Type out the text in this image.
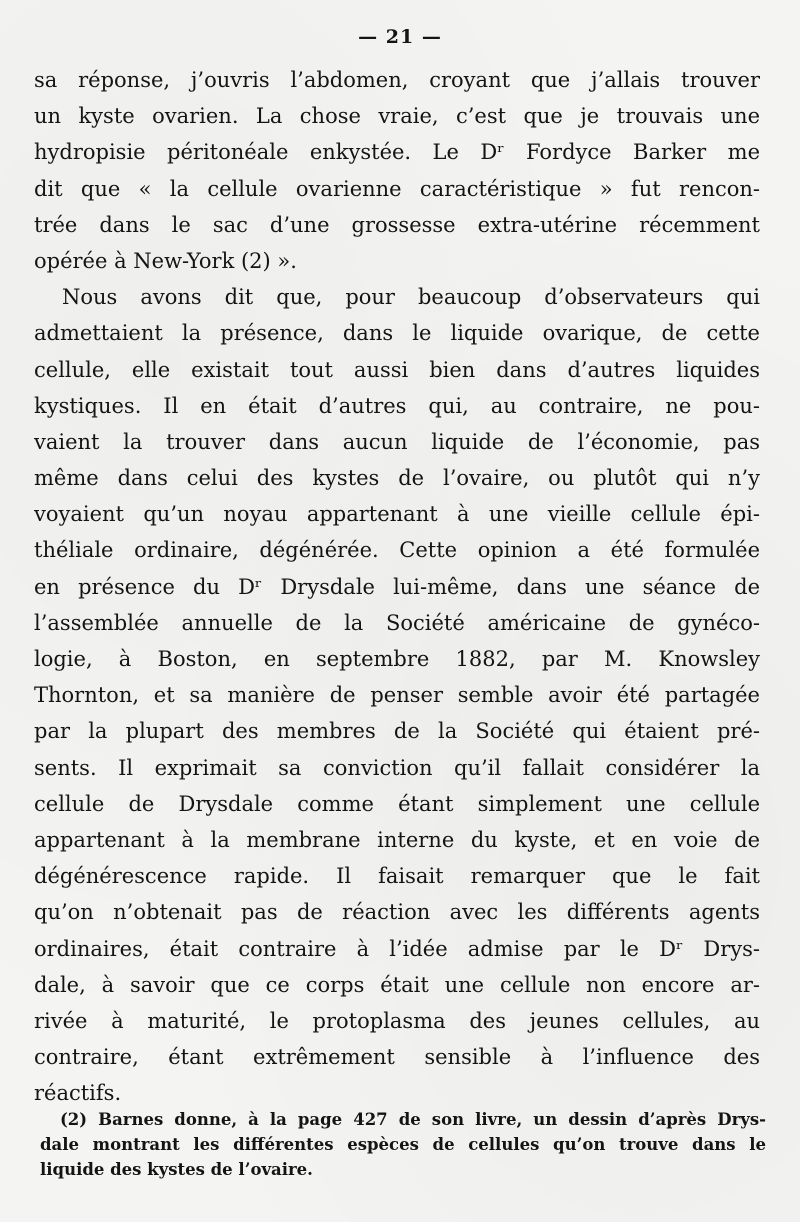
— 21 —
sa réponse, j’ouvris l’abdomen, croyant que j’allais trouver
un kyste ovarien. La chose vraie, c’est que je trouvais une
hydropisie péritonéale enkystée. Le Dʳ Fordyce Barker me
dit que « la cellule ovarienne caractéristique » fut rencon-
trée dans le sac d’une grossesse extra-utérine récemment
opérée à New-York (2) ».
Nous avons dit que, pour beaucoup d’observateurs qui
admettaient la présence, dans le liquide ovarique, de cette
cellule, elle existait tout aussi bien dans d’autres liquides
kystiques. Il en était d’autres qui, au contraire, ne pou-
vaient la trouver dans aucun liquide de l’économie, pas
même dans celui des kystes de l’ovaire, ou plutôt qui n’y
voyaient qu’un noyau appartenant à une vieille cellule épi-
théliale ordinaire, dégénérée. Cette opinion a été formulée
en présence du Dʳ Drysdale lui-même, dans une séance de
l’assemblée annuelle de la Société américaine de gynéco-
logie, à Boston, en septembre 1882, par M. Knowsley
Thornton, et sa manière de penser semble avoir été partagée
par la plupart des membres de la Société qui étaient pré-
sents. Il exprimait sa conviction qu’il fallait considérer la
cellule de Drysdale comme étant simplement une cellule
appartenant à la membrane interne du kyste, et en voie de
dégénérescence rapide. Il faisait remarquer que le fait
qu’on n’obtenait pas de réaction avec les différents agents
ordinaires, était contraire à l’idée admise par le Dʳ Drys-
dale, à savoir que ce corps était une cellule non encore ar-
rivée à maturité, le protoplasma des jeunes cellules, au
contraire, étant extrêmement sensible à l’influence des
réactifs.
(2) Barnes donne, à la page 427 de son livre, un dessin d’après Drys-
dale montrant les différentes espèces de cellules qu’on trouve dans le
liquide des kystes de l’ovaire.
